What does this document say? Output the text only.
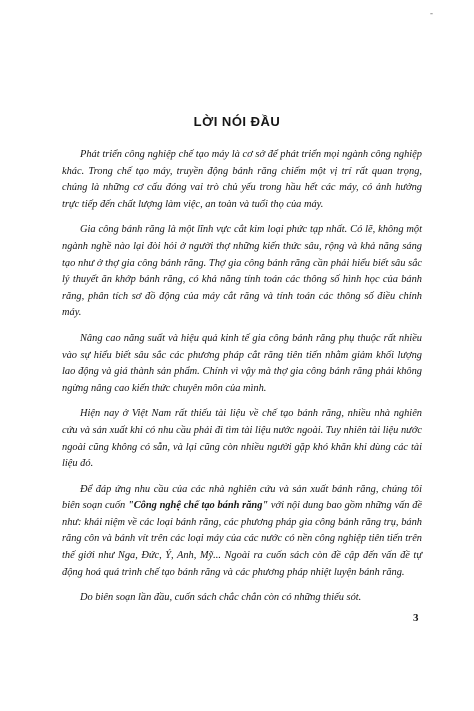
-
LỜI NÓI ĐẦU

Phát triển công nghiệp chế tạo máy là cơ sở để phát triển mọi ngành công nghiệp khác. Trong chế tạo máy, truyền động bánh răng chiếm một vị trí rất quan trọng, chúng là những cơ cấu đóng vai trò chủ yếu trong hầu hết các máy, có ảnh hưởng trực tiếp đến chất lượng làm việc, an toàn và tuổi thọ của máy.

Gia công bánh răng là một lĩnh vực cắt kim loại phức tạp nhất. Có lẽ, không một ngành nghề nào lại đòi hỏi ở người thợ những kiến thức sâu, rộng và khả năng sáng tạo như ở thợ gia công bánh răng. Thợ gia công bánh răng cần phải hiểu biết sâu sắc lý thuyết ăn khớp bánh răng, có khả năng tính toán các thông số hình học của bánh răng, phân tích sơ đồ động của máy cắt răng và tính toán các thông số điều chỉnh máy.

Nâng cao năng suất và hiệu quả kinh tế gia công bánh răng phụ thuộc rất nhiều vào sự hiểu biết sâu sắc các phương pháp cắt răng tiên tiến nhằm giảm khối lượng lao động và giá thành sản phẩm. Chính vì vậy mà thợ gia công bánh răng phải không ngừng nâng cao kiến thức chuyên môn của mình.

Hiện nay ở Việt Nam rất thiếu tài liệu về chế tạo bánh răng, nhiều nhà nghiên cứu và sản xuất khi có nhu cầu phải đi tìm tài liệu nước ngoài. Tuy nhiên tài liệu nước ngoài cũng không có sẵn, và lại cũng còn nhiều người gặp khó khăn khi dùng các tài liệu đó.

Để đáp ứng nhu cầu của các nhà nghiên cứu và sản xuất bánh răng, chúng tôi biên soạn cuốn "Công nghệ chế tạo bánh răng" với nội dung bao gồm những vấn đề như: khái niệm về các loại bánh răng, các phương pháp gia công bánh răng trụ, bánh răng côn và bánh vít trên các loại máy của các nước có nền công nghiệp tiên tiến trên thế giới như Nga, Đức, Ý, Anh, Mỹ... Ngoài ra cuốn sách còn đề cập đến vấn đề tự động hoá quá trình chế tạo bánh răng và các phương pháp nhiệt luyện bánh răng.

Do biên soạn lần đầu, cuốn sách chắc chắn còn có những thiếu sót.

3
